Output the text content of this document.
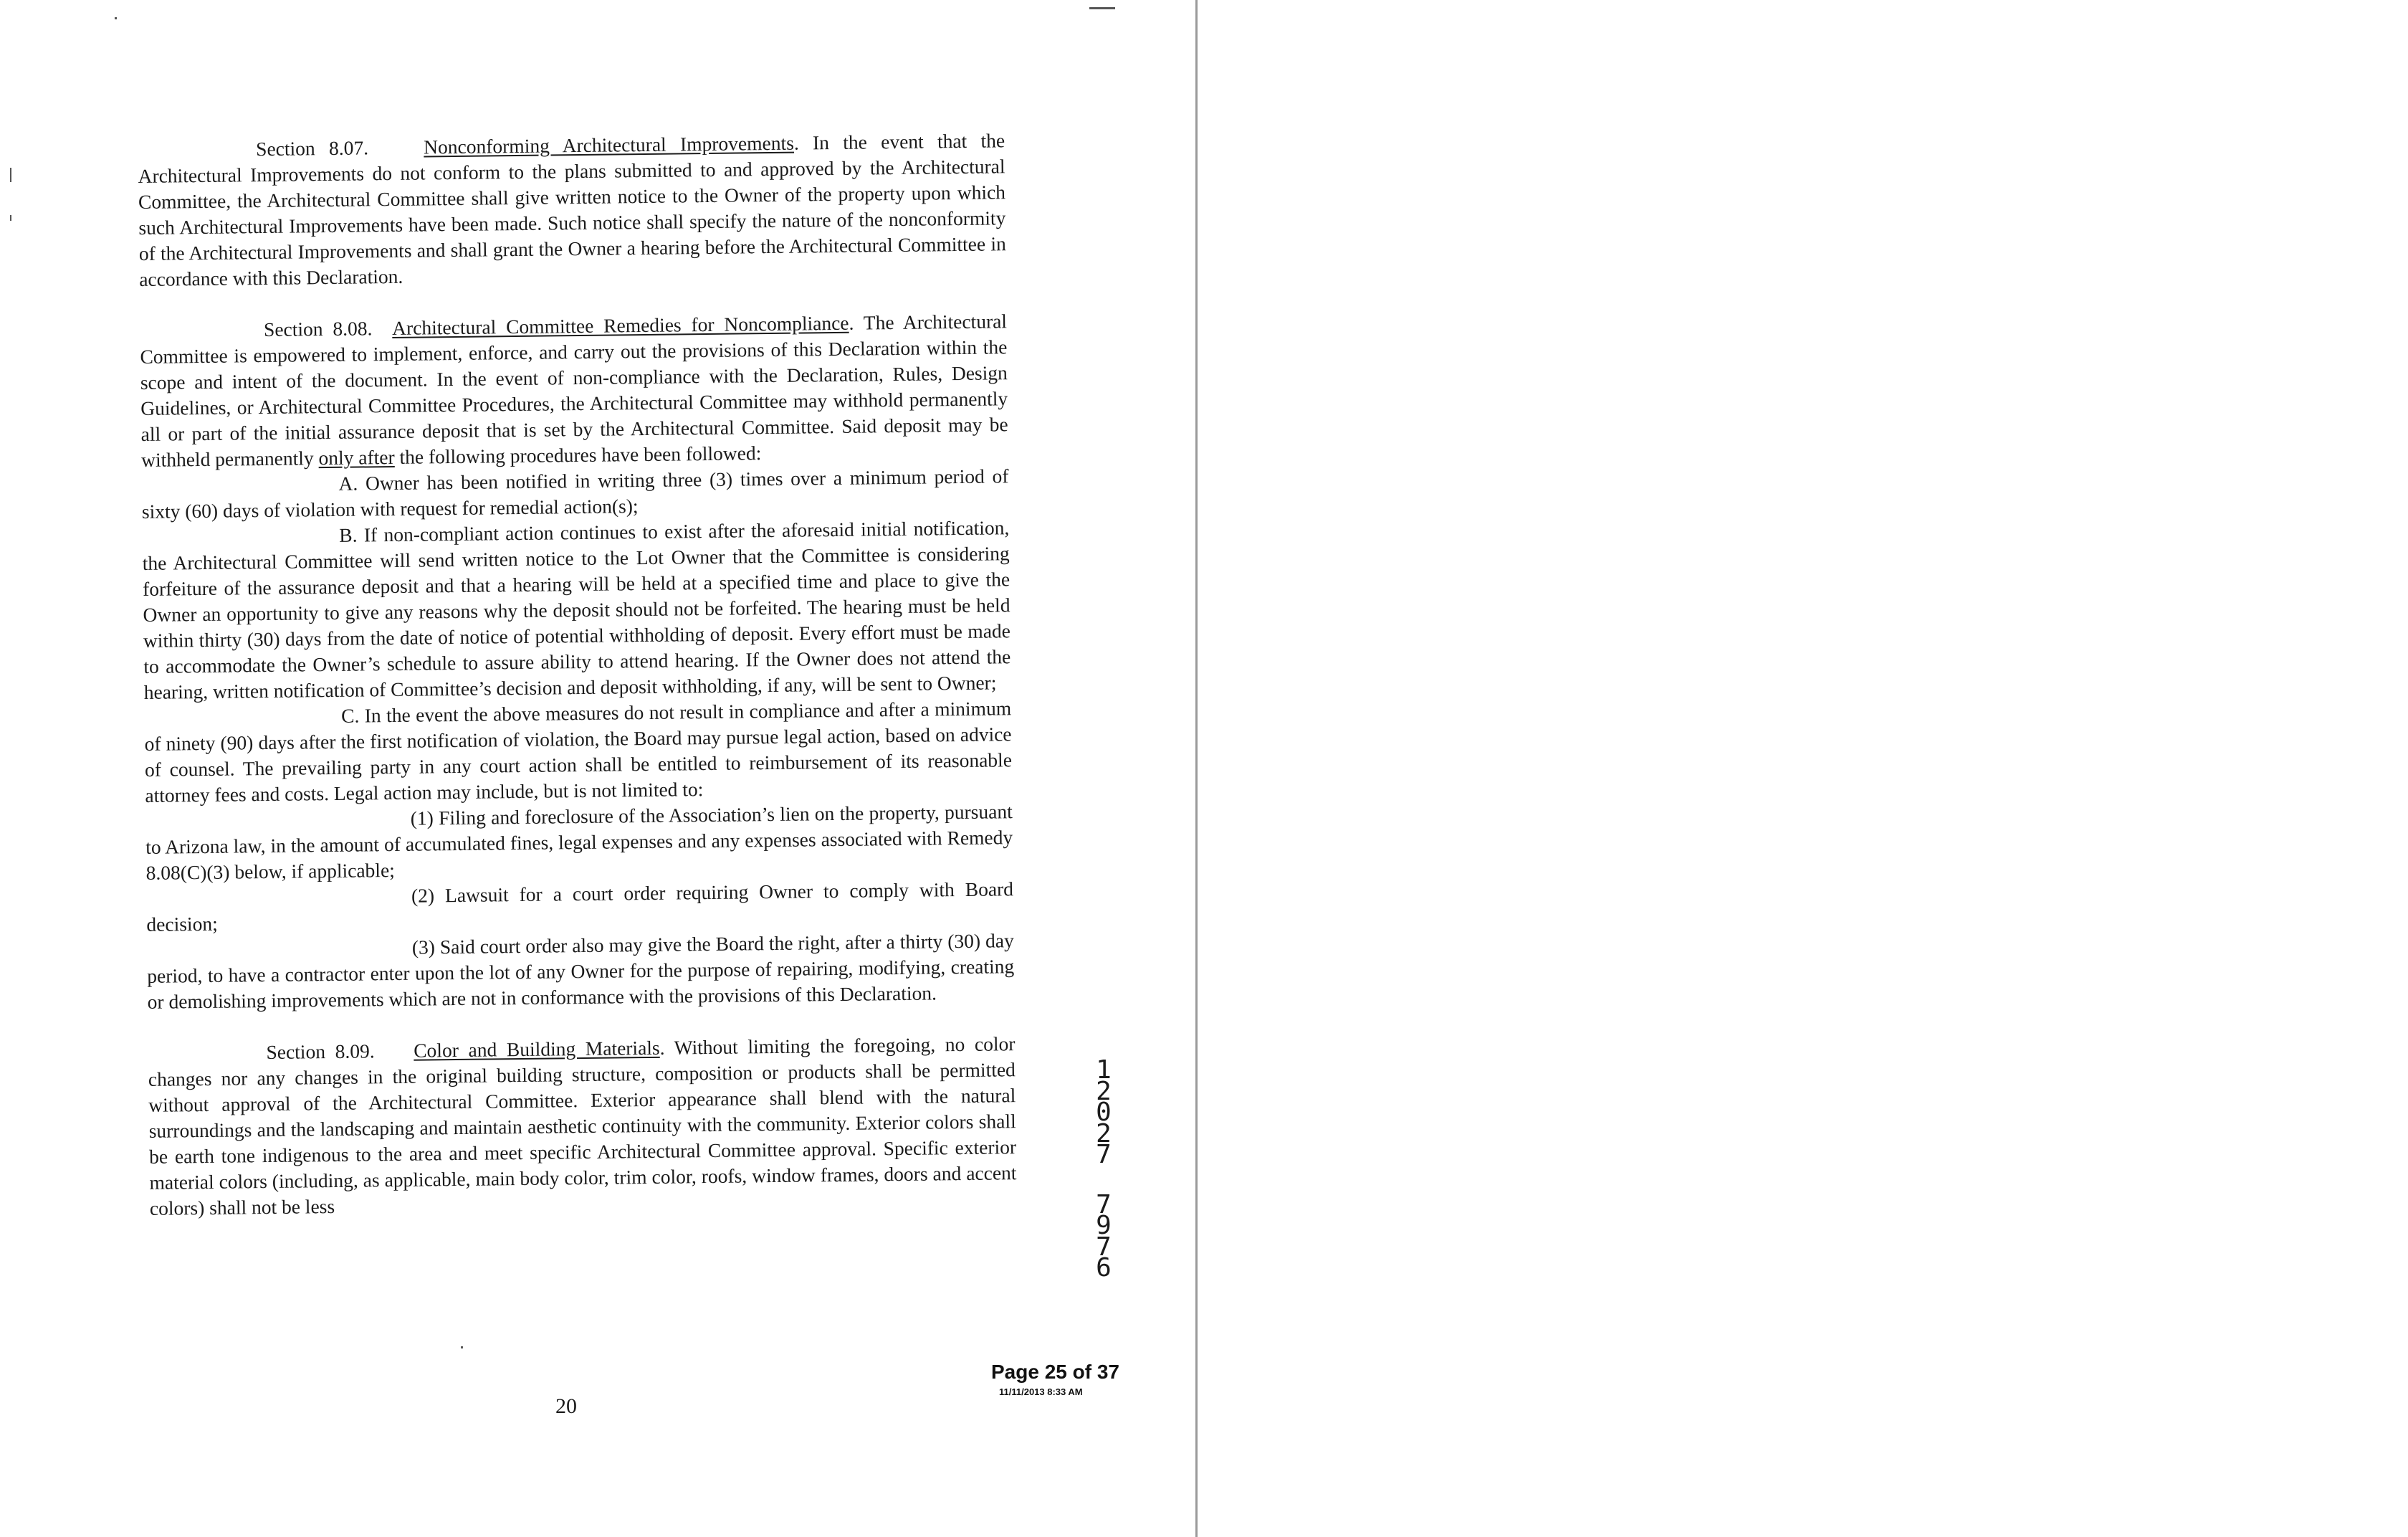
Section 8.07.	Nonconforming Architectural Improvements. In the event that the Architectural Improvements do not conform to the plans submitted to and approved by the Architectural Committee, the Architectural Committee shall give written notice to the Owner of the property upon which such Architectural Improvements have been made. Such notice shall specify the nature of the nonconformity of the Architectural Improvements and shall grant the Owner a hearing before the Architectural Committee in accordance with this Declaration.

Section 8.08. Architectural Committee Remedies for Noncompliance. The Architectural Committee is empowered to implement, enforce, and carry out the provisions of this Declaration within the scope and intent of the document. In the event of non-compliance with the Declaration, Rules, Design Guidelines, or Architectural Committee Procedures, the Architectural Committee may withhold permanently all or part of the initial assurance deposit that is set by the Architectural Committee. Said deposit may be withheld permanently only after the following procedures have been followed:

A. Owner has been notified in writing three (3) times over a minimum period of sixty (60) days of violation with request for remedial action(s);

B. If non-compliant action continues to exist after the aforesaid initial notification, the Architectural Committee will send written notice to the Lot Owner that the Committee is considering forfeiture of the assurance deposit and that a hearing will be held at a specified time and place to give the Owner an opportunity to give any reasons why the deposit should not be forfeited. The hearing must be held within thirty (30) days from the date of notice of potential withholding of deposit. Every effort must be made to accommodate the Owner’s schedule to assure ability to attend hearing. If the Owner does not attend the hearing, written notification of Committee’s decision and deposit withholding, if any, will be sent to Owner;

C. In the event the above measures do not result in compliance and after a minimum of ninety (90) days after the first notification of violation, the Board may pursue legal action, based on advice of counsel. The prevailing party in any court action shall be entitled to reimbursement of its reasonable attorney fees and costs. Legal action may include, but is not limited to:

(1) Filing and foreclosure of the Association’s lien on the property, pursuant to Arizona law, in the amount of accumulated fines, legal expenses and any expenses associated with Remedy 8.08(C)(3) below, if applicable;

(2) Lawsuit for a court order requiring Owner to comply with Board decision;

(3) Said court order also may give the Board the right, after a thirty (30) day period, to have a contractor enter upon the lot of any Owner for the purpose of repairing, modifying, creating or demolishing improvements which are not in conformance with the provisions of this Declaration.

Section 8.09. Color and Building Materials. Without limiting the foregoing, no color changes nor any changes in the original building structure, composition or products shall be permitted without approval of the Architectural Committee. Exterior appearance shall blend with the natural surroundings and the landscaping and maintain aesthetic continuity with the community. Exterior colors shall be earth tone indigenous to the area and meet specific Architectural Committee approval. Specific exterior material colors (including, as applicable, main body color, trim color, roofs, window frames, doors and accent colors) shall not be less

20
1
2
0
2
7
7
9
7
6
Page 25 of 37
11/11/2013 8:33 AM
